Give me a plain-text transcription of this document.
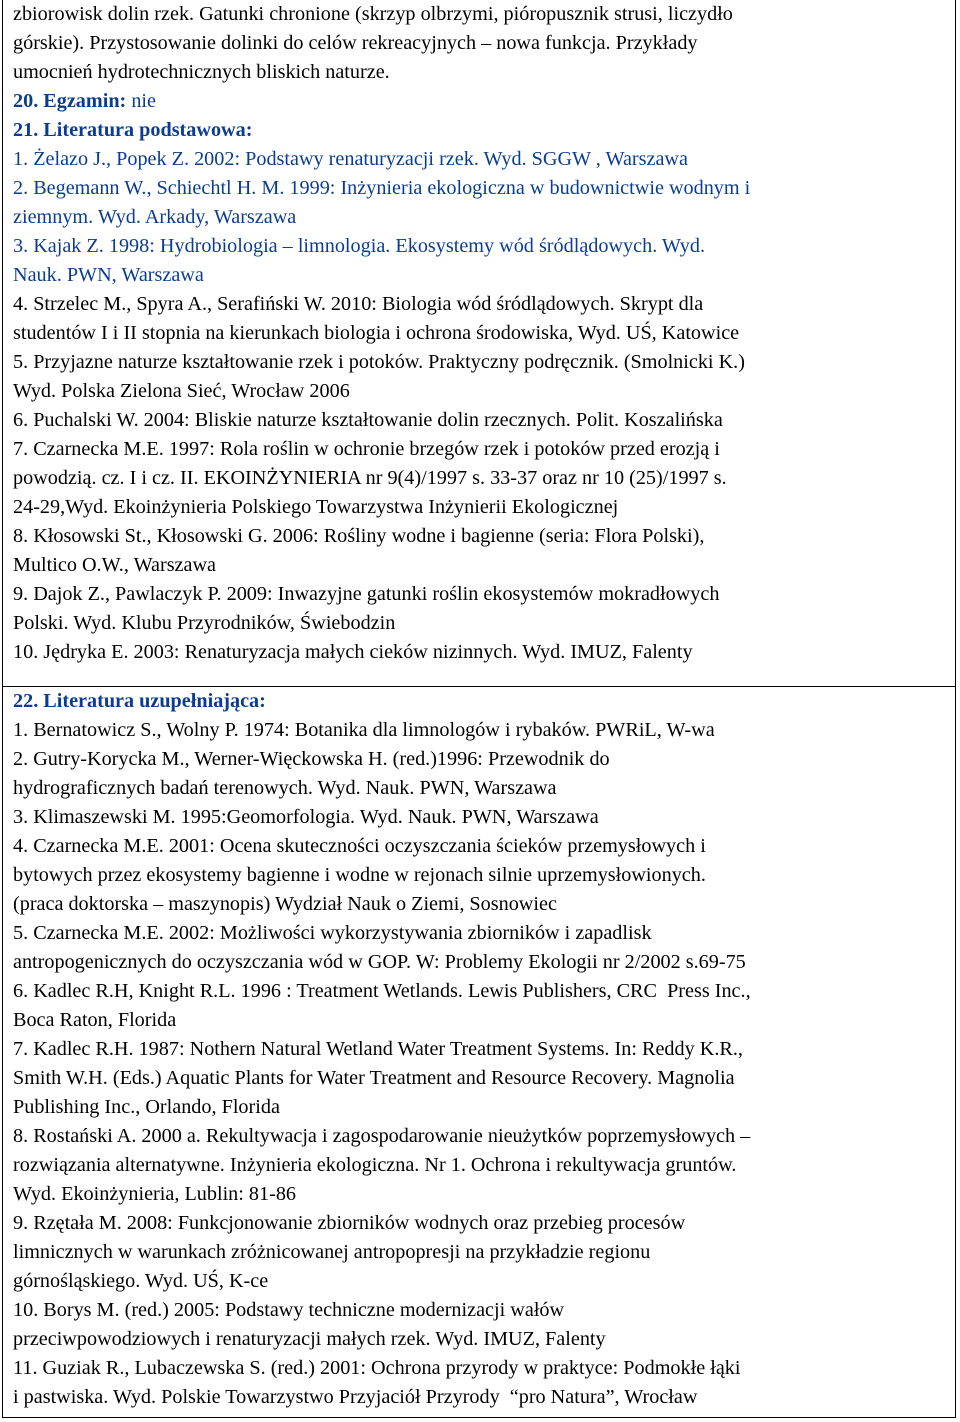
zbiorowisk dolin rzek. Gatunki chronione (skrzyp olbrzymi, pióropusznik strusi, liczydło
górskie). Przystosowanie dolinki do celów rekreacyjnych – nowa funkcja. Przykłady
umocnień hydrotechnicznych bliskich naturze.
20. Egzamin: nie
21. Literatura podstawowa:
1. Żelazo J., Popek Z. 2002: Podstawy renaturyzacji rzek. Wyd. SGGW , Warszawa
2. Begemann W., Schiechtl H. M. 1999: Inżynieria ekologiczna w budownictwie wodnym i
ziemnym. Wyd. Arkady, Warszawa
3. Kajak Z. 1998: Hydrobiologia – limnologia. Ekosystemy wód śródlądowych. Wyd.
Nauk. PWN, Warszawa
4. Strzelec M., Spyra A., Serafiński W. 2010: Biologia wód śródlądowych. Skrypt dla
studentów I i II stopnia na kierunkach biologia i ochrona środowiska, Wyd. UŚ, Katowice
5. Przyjazne naturze kształtowanie rzek i potoków. Praktyczny podręcznik. (Smolnicki K.)
Wyd. Polska Zielona Sieć, Wrocław 2006
6. Puchalski W. 2004: Bliskie naturze kształtowanie dolin rzecznych. Polit. Koszalińska
7. Czarnecka M.E. 1997: Rola roślin w ochronie brzegów rzek i potoków przed erozją i
powodzią. cz. I i cz. II. EKOINŻYNIERIA nr 9(4)/1997 s. 33-37 oraz nr 10 (25)/1997 s.
24-29,Wyd. Ekoinżynieria Polskiego Towarzystwa Inżynierii Ekologicznej
8. Kłosowski St., Kłosowski G. 2006: Rośliny wodne i bagienne (seria: Flora Polski),
Multico O.W., Warszawa
9. Dajok Z., Pawlaczyk P. 2009: Inwazyjne gatunki roślin ekosystemów mokradłowych
Polski. Wyd. Klubu Przyrodników, Świebodzin
10. Jędryka E. 2003: Renaturyzacja małych cieków nizinnych. Wyd. IMUZ, Falenty
22. Literatura uzupełniająca:
1. Bernatowicz S., Wolny P. 1974: Botanika dla limnologów i rybaków. PWRiL, W-wa
2. Gutry-Korycka M., Werner-Więckowska H. (red.)1996: Przewodnik do
hydrograficznych badań terenowych. Wyd. Nauk. PWN, Warszawa
3. Klimaszewski M. 1995:Geomorfologia. Wyd. Nauk. PWN, Warszawa
4. Czarnecka M.E. 2001: Ocena skuteczności oczyszczania ścieków przemysłowych i
bytowych przez ekosystemy bagienne i wodne w rejonach silnie uprzemysłowionych.
(praca doktorska – maszynopis) Wydział Nauk o Ziemi, Sosnowiec
5. Czarnecka M.E. 2002: Możliwości wykorzystywania zbiorników i zapadlisk
antropogenicznych do oczyszczania wód w GOP. W: Problemy Ekologii nr 2/2002 s.69-75
6. Kadlec R.H, Knight R.L. 1996 : Treatment Wetlands. Lewis Publishers, CRC  Press Inc.,
Boca Raton, Florida
7. Kadlec R.H. 1987: Nothern Natural Wetland Water Treatment Systems. In: Reddy K.R.,
Smith W.H. (Eds.) Aquatic Plants for Water Treatment and Resource Recovery. Magnolia
Publishing Inc., Orlando, Florida
8. Rostański A. 2000 a. Rekultywacja i zagospodarowanie nieużytków poprzemysłowych –
rozwiązania alternatywne. Inżynieria ekologiczna. Nr 1. Ochrona i rekultywacja gruntów.
Wyd. Ekoinżynieria, Lublin: 81-86
9. Rzętała M. 2008: Funkcjonowanie zbiorników wodnych oraz przebieg procesów
limnicznych w warunkach zróżnicowanej antropopresji na przykładzie regionu
górnośląskiego. Wyd. UŚ, K-ce
10. Borys M. (red.) 2005: Podstawy techniczne modernizacji wałów
przeciwpowodziowych i renaturyzacji małych rzek. Wyd. IMUZ, Falenty
11. Guziak R., Lubaczewska S. (red.) 2001: Ochrona przyrody w praktyce: Podmokłe łąki
i pastwiska. Wyd. Polskie Towarzystwo Przyjaciół Przyrody  “pro Natura”, Wrocław
